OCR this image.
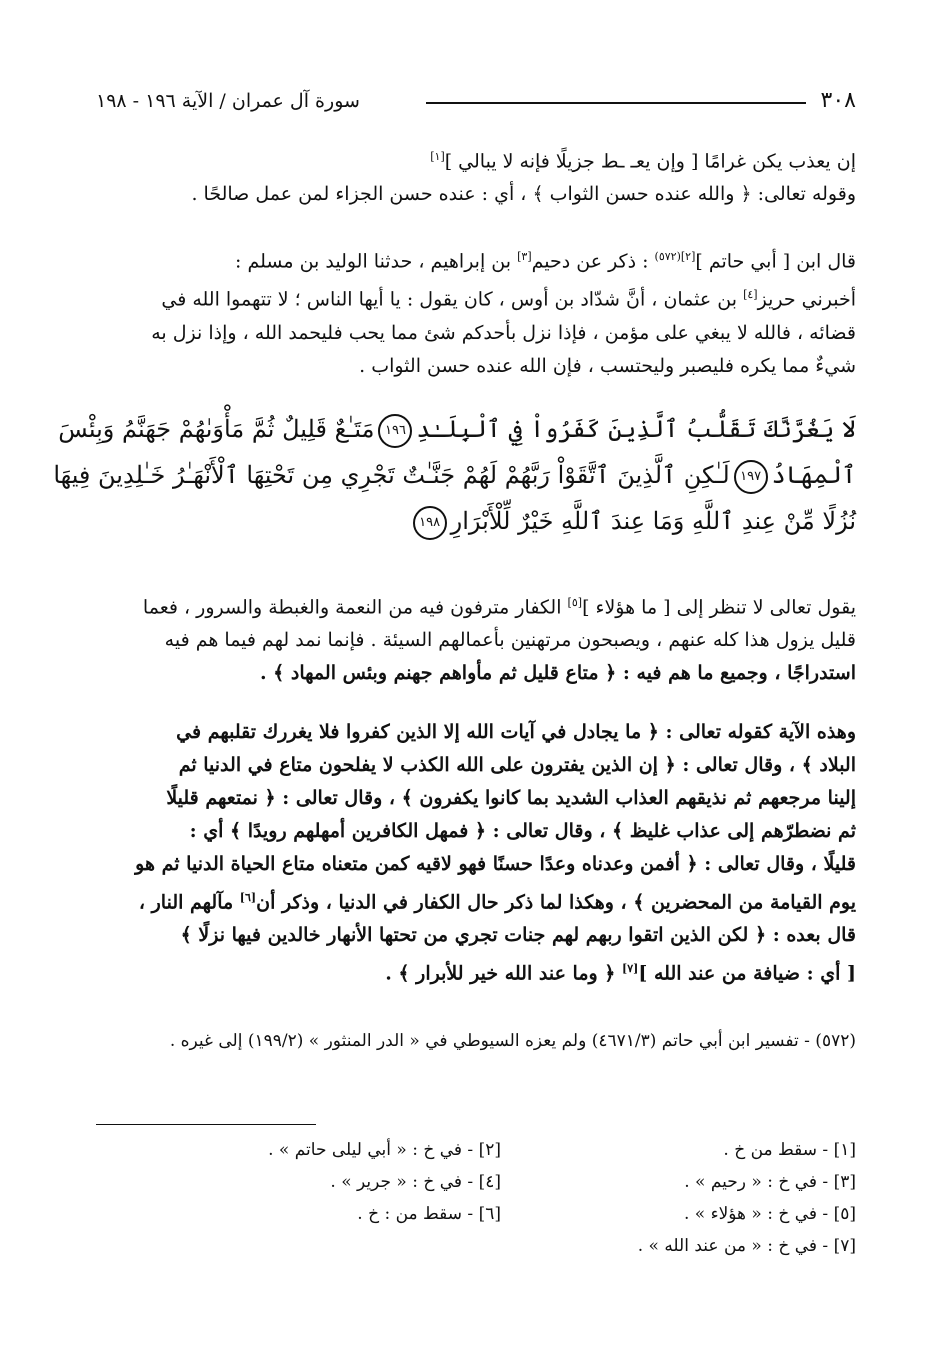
٣٠٨
سورة آل عمران / الآية ١٩٦ - ١٩٨
إن يعذب يكن غرامًا [ وإن يعـ ـط جزيلًا فإنه لا يبالي ][١]
وقوله تعالى: ﴿ والله عنده حسن الثواب ﴾ ، أي : عنده حسن الجزاء لمن عمل صالحًا .
قال ابن [ أبي حاتم ]$^{[٢](٥٧٢)}$ : ذكر عن دحيم[٣] بن إبراهيم ، حدثنا الوليد بن مسلم :
أخبرني حريز[٤] بن عثمان ، أنَّ شدّاد بن أوس ، كان يقول : يا أيها الناس ؛ لا تتهموا الله في
قضائه ، فالله لا يبغي على مؤمن ، فإذا نزل بأحدكم شئ مما يحب فليحمد الله ، وإذا نزل به
شيءٌ مما يكره فليصبر وليحتسب ، فإن الله عنده حسن الثواب .
لَا يَغُرَّنَّكَ تَقَلُّبُ ٱلَّذِينَ كَفَرُواْ فِي ٱلْبِلَـٰدِ١٩٦مَتَـٰعٌ قَلِيلٌ ثُمَّ مَأْوَىٰهُمْ جَهَنَّمُ وَبِئْسَ
ٱلْمِهَادُ١٩٧لَـٰكِنِ ٱلَّذِينَ ٱتَّقَوْاْ رَبَّهُمْ لَهُمْ جَنَّـٰتٌ تَجْرِي مِن تَحْتِهَا ٱلْأَنْهَـٰرُ خَـٰلِدِينَ فِيهَا
نُزُلًا مِّنْ عِندِ ٱللَّهِ وَمَا عِندَ ٱللَّهِ خَيْرٌ لِّلْأَبْرَارِ١٩٨
يقول تعالى لا تنظر إلى [ ما هؤلاء ][٥] الكفار مترفون فيه من النعمة والغبطة والسرور ، فعما
قليل يزول هذا كله عنهم ، ويصبحون مرتهنين بأعمالهم السيئة . فإنما نمد لهم فيما هم فيه
استدراجًا ، وجميع ما هم فيه : ﴿ متاع قليل ثم مأواهم جهنم وبئس المهاد ﴾ .
وهذه الآية كقوله تعالى : ﴿ ما يجادل في آيات الله إلا الذين كفروا فلا يغررك تقلبهم في
البلاد ﴾ ، وقال تعالى : ﴿ إن الذين يفترون على الله الكذب لا يفلحون متاع في الدنيا ثم
إلينا مرجعهم ثم نذيقهم العذاب الشديد بما كانوا يكفرون ﴾ ، وقال تعالى : ﴿ نمتعهم قليلًا
ثم نضطرّهم إلى عذاب غليظ ﴾ ، وقال تعالى : ﴿ فمهل الكافرين أمهلهم رويدًا ﴾ أي :
قليلًا ، وقال تعالى : ﴿ أفمن وعدناه وعدًا حسنًا فهو لاقيه كمن متعناه متاع الحياة الدنيا ثم هو
يوم القيامة من المحضرين ﴾ ، وهكذا لما ذكر حال الكفار في الدنيا ، وذكر أن[٦] مآلهم النار ،
قال بعده : ﴿ لكن الذين اتقوا ربهم لهم جنات تجري من تحتها الأنهار خالدين فيها نزلًا ﴾
[ أي : ضيافة من عند الله ][٧] ﴿ وما عند الله خير للأبرار ﴾ .
(٥٧٢) - تفسير ابن أبي حاتم (٤٦٧١/٣) ولم يعزه السيوطي في « الدر المنثور » (١٩٩/٢) إلى غيره .
[١] - سقط من خ .
[٢] - في خ : « أبي ليلى حاتم » .
[٣] - في خ : « رحيم » .
[٤] - في خ : « جرير » .
[٥] - في خ : « هؤلاء » .
[٦] - سقط من : خ .
[٧] - في خ : « من عند الله » .
